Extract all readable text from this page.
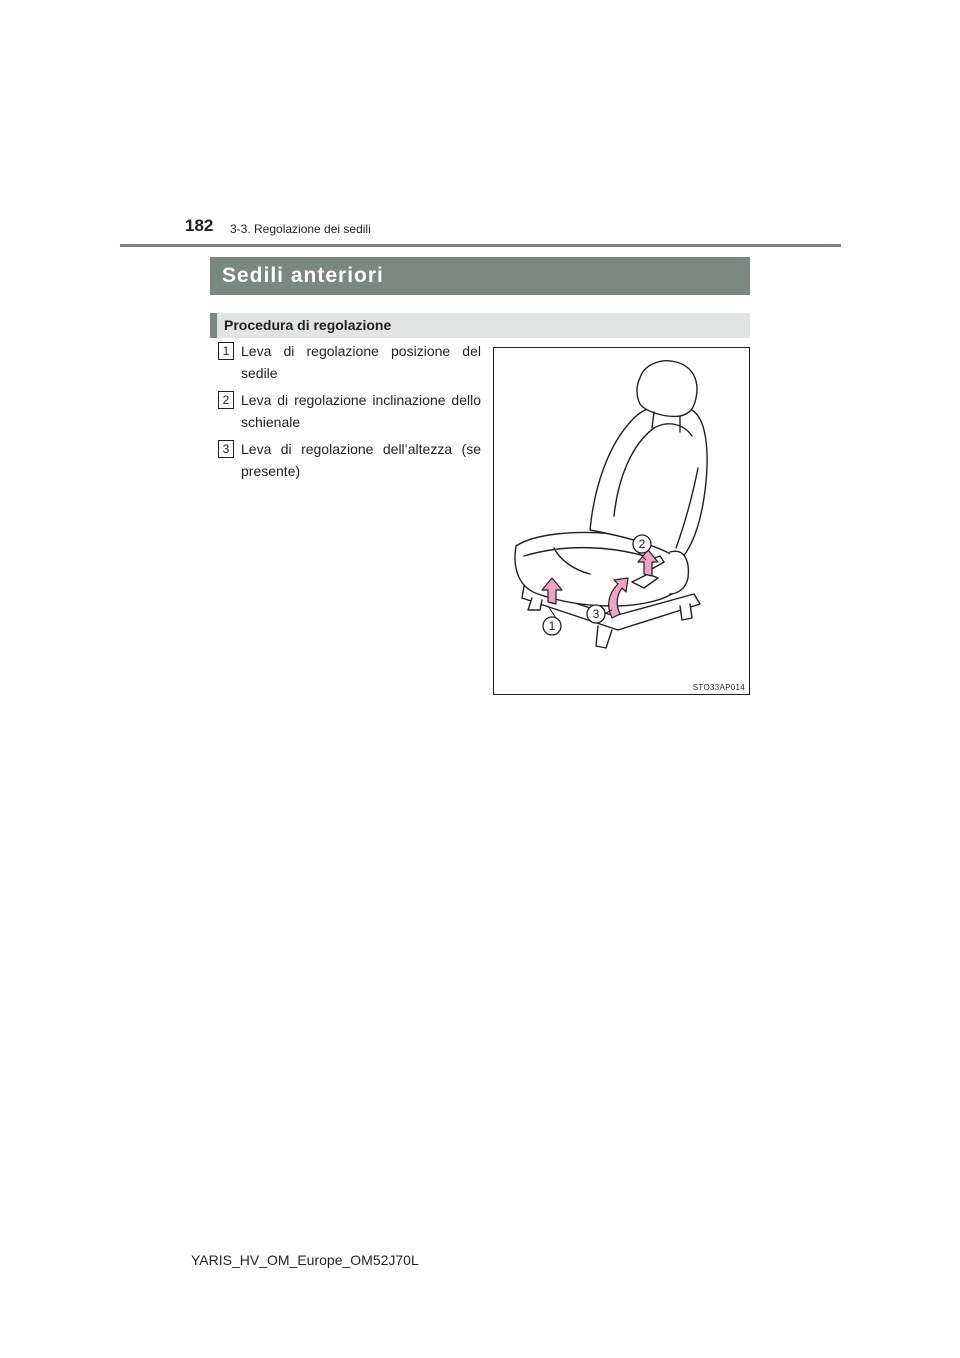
182 3-3. Regolazione dei sedili
Sedili anteriori
Procedura di regolazione
1 Leva di regolazione posizione del sedile
2 Leva di regolazione inclinazione dello schienale
3 Leva di regolazione dell’altezza (se presente)
1
2
3
STO33AP014
YARIS_HV_OM_Europe_OM52J70L
